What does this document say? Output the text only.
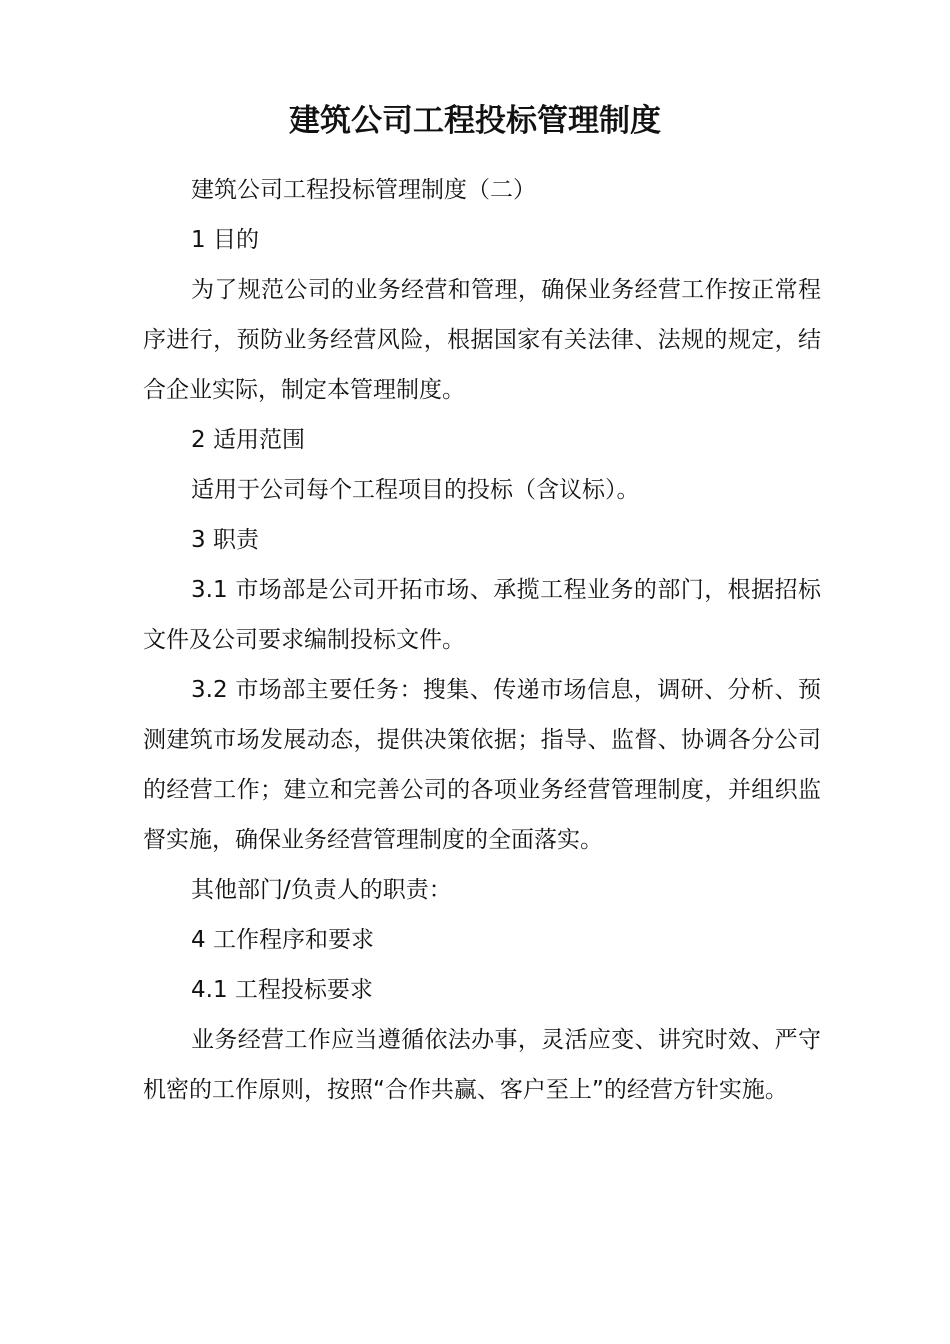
建筑公司工程投标管理制度

建筑公司工程投标管理制度（二）

1 目的

为了规范公司的业务经营和管理，确保业务经营工作按正常程序进行，预防业务经营风险，根据国家有关法律、法规的规定，结合企业实际，制定本管理制度。

2 适用范围

适用于公司每个工程项目的投标（含议标）。

3 职责

3.1 市场部是公司开拓市场、承揽工程业务的部门，根据招标文件及公司要求编制投标文件。

3.2 市场部主要任务：搜集、传递市场信息，调研、分析、预测建筑市场发展动态，提供决策依据；指导、监督、协调各分公司的经营工作；建立和完善公司的各项业务经营管理制度，并组织监督实施，确保业务经营管理制度的全面落实。

其他部门/负责人的职责：

4 工作程序和要求

4.1 工程投标要求

业务经营工作应当遵循依法办事，灵活应变、讲究时效、严守机密的工作原则，按照“合作共赢、客户至上”的经营方针实施。
